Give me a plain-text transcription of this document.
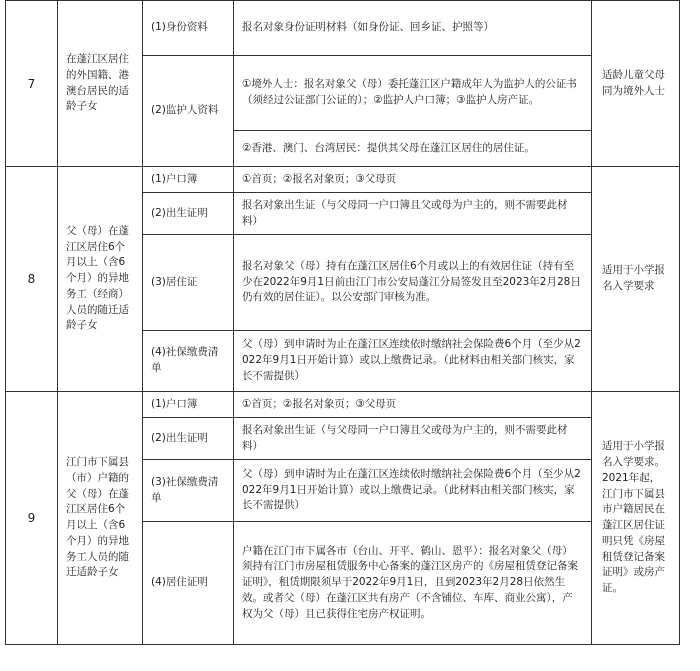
7	在蓬江区居住的外国籍、港澳台居民的适龄子女	(1)身份资料	报名对象身份证明材料（如身份证、回乡证、护照等）	适龄儿童父母同为境外人士
		(2)监护人资料	①境外人士：报名对象父（母）委托蓬江区户籍成年人为监护人的公证书（须经过公证部门公证的）；②监护人户口簿；③监护人房产证。	
			②香港、澳门、台湾居民：提供其父母在蓬江区居住的居住证。	
8	父（母）在蓬江区居住6个月以上（含6个月）的异地务工（经商）人员的随迁适龄子女	(1)户口簿	①首页；②报名对象页；③父母页	适用于小学报名入学要求
		(2)出生证明	报名对象出生证（与父母同一户口簿且父或母为户主的，则不需要此材料）	
		(3)居住证	报名对象父（母）持有在蓬江区居住6个月或以上的有效居住证（持有至少在2022年9月1日前由江门市公安局蓬江分局签发且至2023年2月28日仍有效的居住证）。以公安部门审核为准。	
		(4)社保缴费清单	父（母）到申请时为止在蓬江区连续依时缴纳社会保险费6个月（至少从2022年9月1日开始计算）或以上缴费记录。（此材料由相关部门核实，家长不需提供）	
9	江门市下属县（市）户籍的父（母）在蓬江区居住6个月以上（含6个月）的异地务工人员的随迁适龄子女	(1)户口簿	①首页；②报名对象页；③父母页	适用于小学报名入学要求。2021年起，江门市下属县市户籍居民在蓬江区居住证明只凭《房屋租赁登记备案证明》或房产证。
		(2)出生证明	报名对象出生证（与父母同一户口簿且父或母为户主的，则不需要此材料）	
		(3)社保缴费清单	父（母）到申请时为止在蓬江区连续依时缴纳社会保险费6个月（至少从2022年9月1日开始计算）或以上缴费记录。（此材料由相关部门核实，家长不需提供）	
		(4)居住证明	户籍在江门市下属各市（台山、开平、鹤山、恩平）：报名对象父（母）须持有江门市房屋租赁服务中心备案的蓬江区房产的《房屋租赁登记备案证明》，租赁期限须早于2022年9月1日，且到2023年2月28日依然生效。或者父（母）在蓬江区共有房产（不含铺位、车库、商业公寓），产权为父（母）且已获得住宅房产权证明。	
